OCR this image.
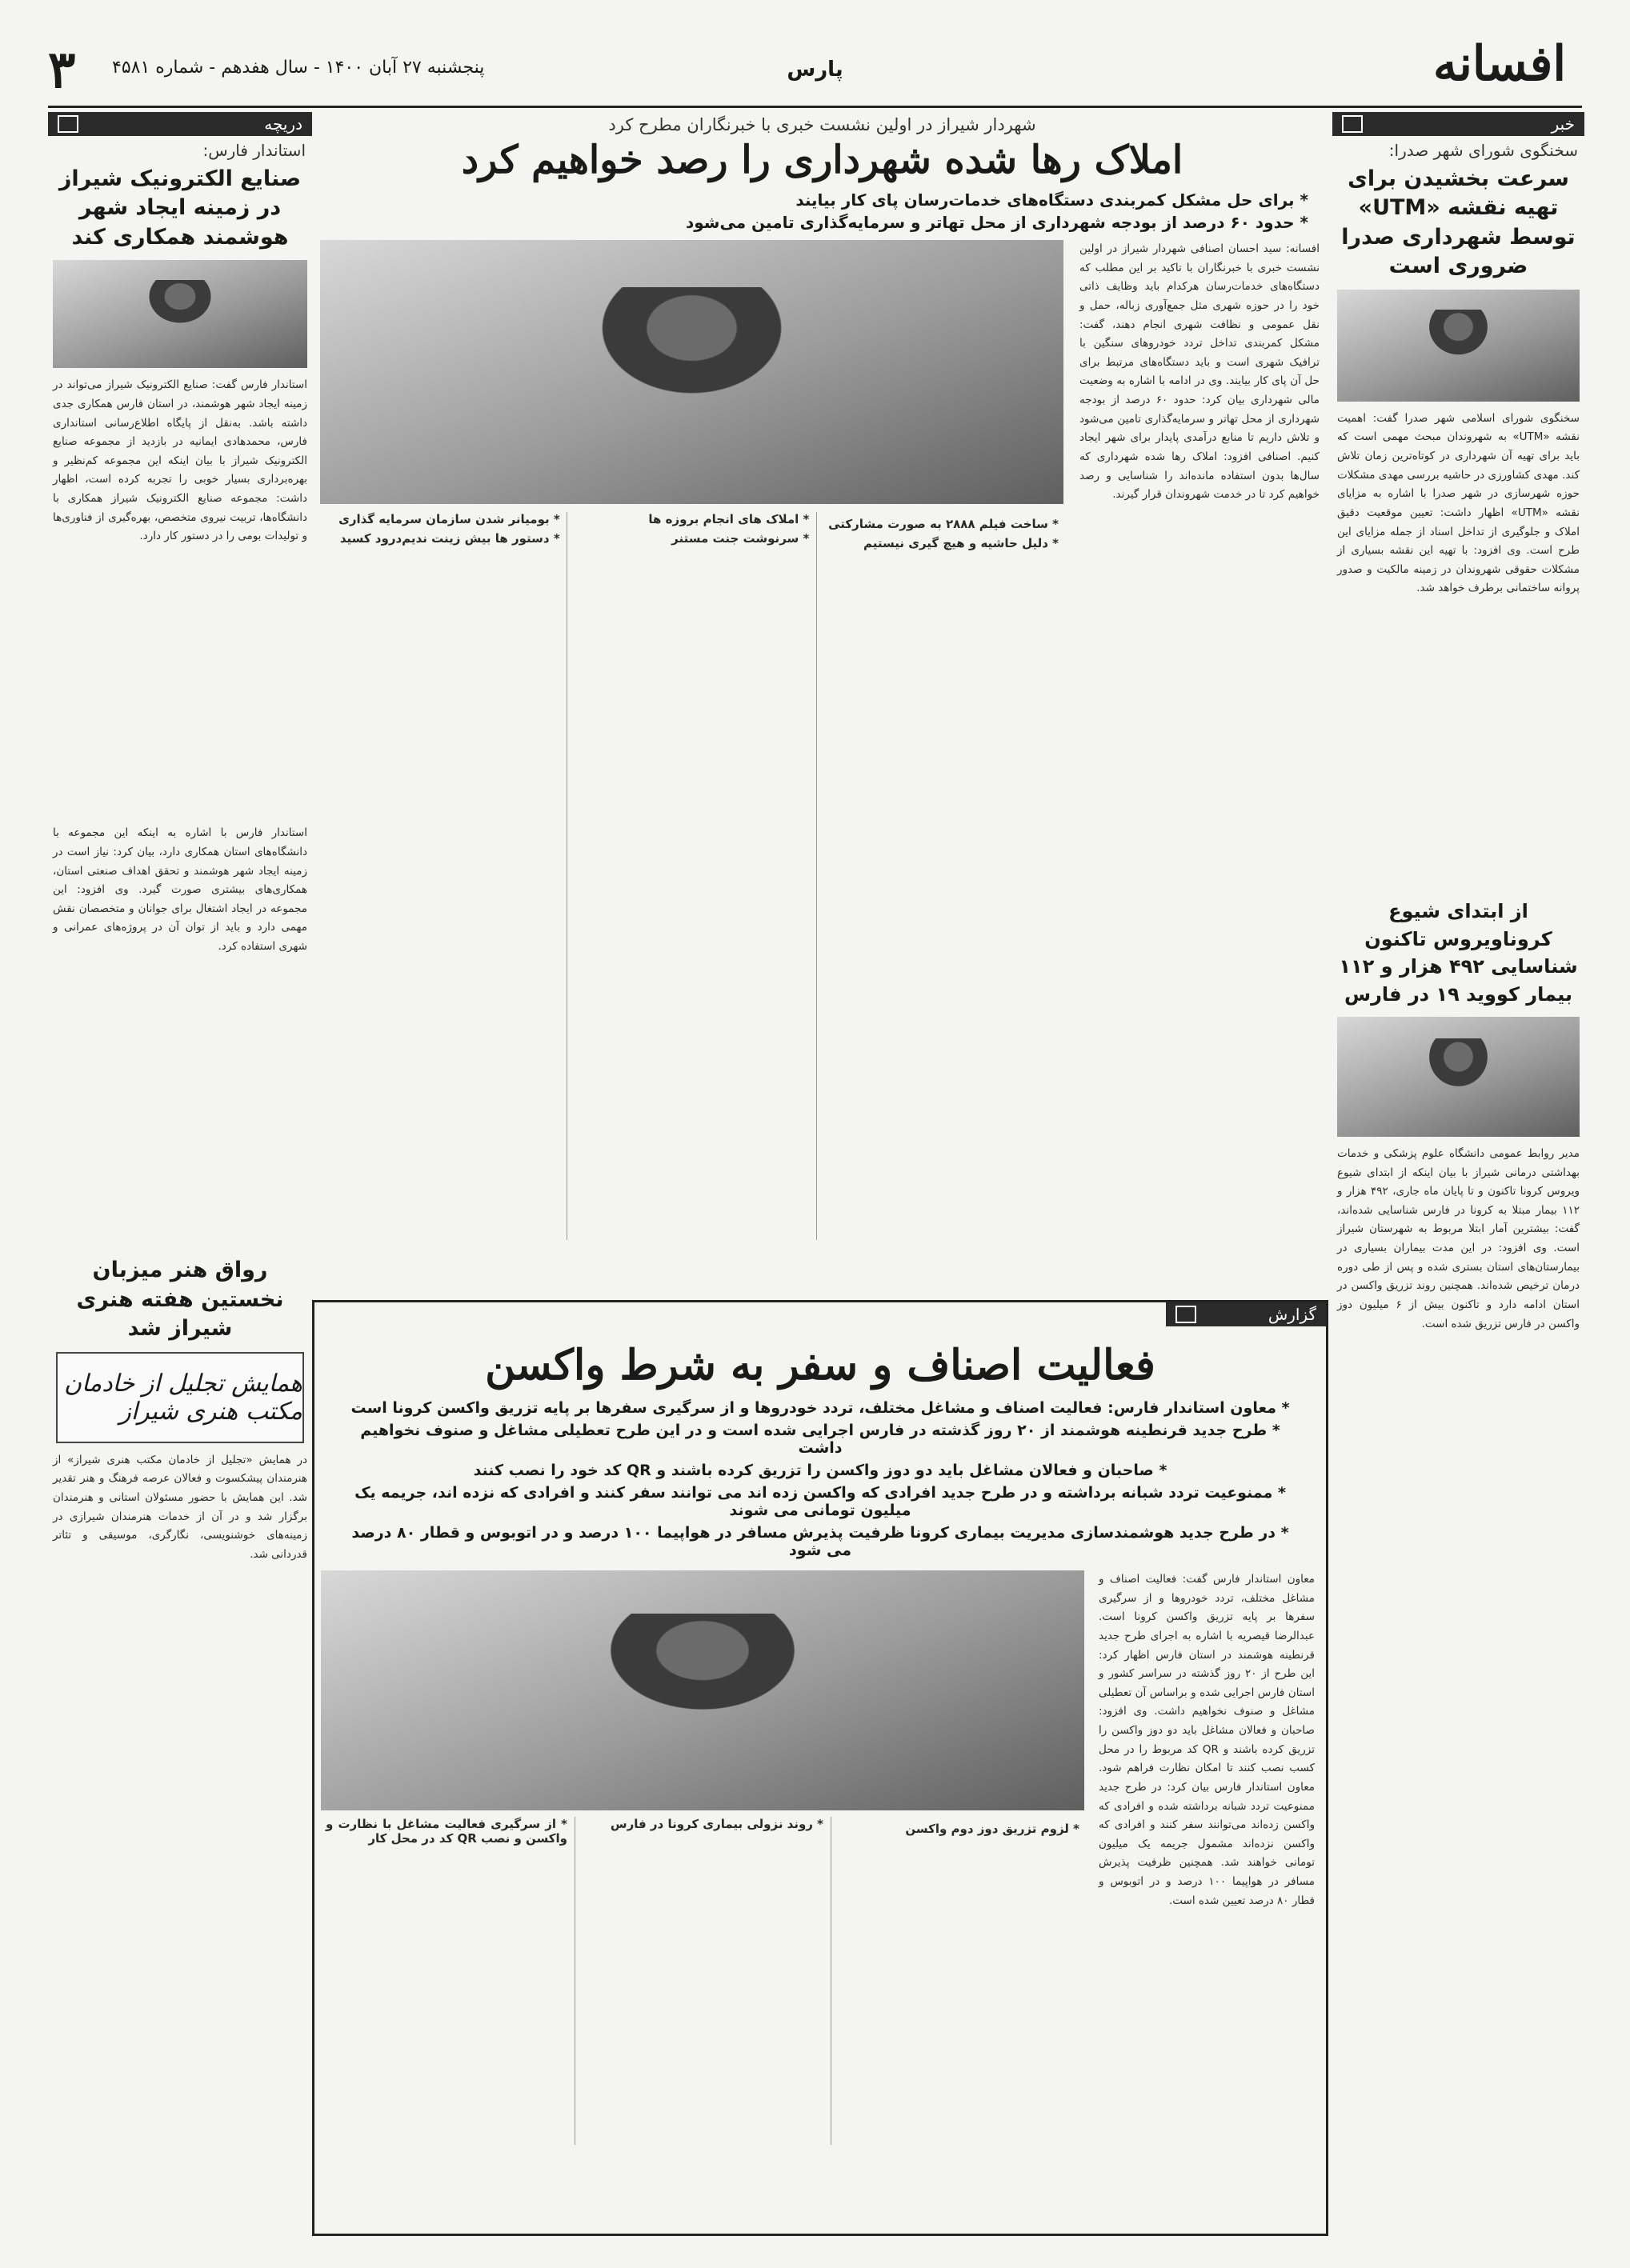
۳ پنجشنبه ۲۷ آبان ۱۴۰۰ - سال هفدهم - شماره ۴۵۸۱	پارس	افسانه
خبر
سخنگوی شورای شهر صدرا:
سرعت بخشیدن برای تهیه نقشه «UTM» توسط شهرداری صدرا ضروری است
سخنگوی شورای اسلامی شهر صدرا گفت: اهمیت نقشه «UTM» به شهروندان مبحث مهمی است که باید برای تهیه آن شهرداری در کوتاه‌ترین زمان تلاش کند. مهدی کشاورزی در حاشیه بررسی مهدی مشکلات حوزه شهرسازی در شهر صدرا با اشاره به مزایای نقشه «UTM» اظهار داشت: تعیین موقعیت دقیق املاک و جلوگیری از تداخل اسناد از جمله مزایای این طرح است. وی افزود: با تهیه این نقشه بسیاری از مشکلات حقوقی شهروندان در زمینه مالکیت و صدور پروانه ساختمانی برطرف خواهد شد.
از ابتدای شیوع کروناویروس تاکنون شناسایی ۴۹۲ هزار و ۱۱۲ بیمار کووید ۱۹ در فارس
مدیر روابط عمومی دانشگاه علوم پزشکی و خدمات بهداشتی درمانی شیراز با بیان اینکه از ابتدای شیوع ویروس کرونا تاکنون و تا پایان ماه جاری، ۴۹۲ هزار و ۱۱۲ بیمار مبتلا به کرونا در فارس شناسایی شده‌اند، گفت: بیشترین آمار ابتلا مربوط به شهرستان شیراز است. وی افزود: در این مدت بیماران بسیاری در بیمارستان‌های استان بستری شده و پس از طی دوره درمان ترخیص شده‌اند. همچنین روند تزریق واکسن در استان ادامه دارد و تاکنون بیش از ۶ میلیون دوز واکسن در فارس تزریق شده است.
شهردار شیراز در اولین نشست خبری با خبرنگاران مطرح کرد
املاک رها شده شهرداری را رصد خواهیم کرد
* برای حل مشکل کمربندی دستگاه‌های خدمات‌رسان پای کار بیایند
* حدود ۶۰ درصد از بودجه شهرداری از محل تهاتر و سرمایه‌گذاری تامین می‌شود
افسانه: سید احسان اصنافی شهردار شیراز در اولین نشست خبری با خبرنگاران با تاکید بر این مطلب که دستگاه‌های خدمات‌رسان هرکدام باید وظایف ذاتی خود را در حوزه شهری مثل جمع‌آوری زباله، حمل و نقل عمومی و نظافت شهری انجام دهند، گفت: مشکل کمربندی تداخل تردد خودروهای سنگین با ترافیک شهری است و باید دستگاه‌های مرتبط برای حل آن پای کار بیایند. وی در ادامه با اشاره به وضعیت مالی شهرداری بیان کرد: حدود ۶۰ درصد از بودجه شهرداری از محل تهاتر و سرمایه‌گذاری تامین می‌شود و تلاش داریم تا منابع درآمدی پایدار برای شهر ایجاد کنیم. اصنافی افزود: املاک رها شده شهرداری که سال‌ها بدون استفاده مانده‌اند را شناسایی و رصد خواهیم کرد تا در خدمت شهروندان قرار گیرند.
* ساخت فیلم ۲۸۸۸ به صورت مشارکتی
* دلیل حاشیه و هیچ گیری نیستیم
* املاک های انجام بروزه ها
* سرنوشت جنت مستنر
* بومیانر شدن سازمان سرمایه گذاری
* دستور ها بیش زینت ندیم‌درود کسید
گزارش
فعالیت اصناف و سفر به شرط واکسن
* معاون استاندار فارس: فعالیت اصناف و مشاغل مختلف، تردد خودروها و از سرگیری سفرها بر پایه تزریق واکسن کرونا است
* طرح جدید قرنطینه هوشمند از ۲۰ روز گذشته در فارس اجرایی شده است و در این طرح تعطیلی مشاغل و صنوف نخواهیم داشت
* صاحبان و فعالان مشاغل باید دو دوز واکسن را تزریق کرده باشند و QR کد خود را نصب کنند
* ممنوعیت تردد شبانه برداشته و در طرح جدید افرادی که واکسن زده اند می توانند سفر کنند و افرادی که نزده اند، جریمه یک میلیون تومانی می شوند
* در طرح جدید هوشمندسازی مدیریت بیماری کرونا ظرفیت پذیرش مسافر در هواپیما ۱۰۰ درصد و در اتوبوس و قطار ۸۰ درصد می شود
معاون استاندار فارس گفت: فعالیت اصناف و مشاغل مختلف، تردد خودروها و از سرگیری سفرها بر پایه تزریق واکسن کرونا است. عبدالرضا قیصریه با اشاره به اجرای طرح جدید قرنطینه هوشمند در استان فارس اظهار کرد: این طرح از ۲۰ روز گذشته در سراسر کشور و استان فارس اجرایی شده و براساس آن تعطیلی مشاغل و صنوف نخواهیم داشت. وی افزود: صاحبان و فعالان مشاغل باید دو دوز واکسن را تزریق کرده باشند و QR کد مربوط را در محل کسب نصب کنند تا امکان نظارت فراهم شود. معاون استاندار فارس بیان کرد: در طرح جدید ممنوعیت تردد شبانه برداشته شده و افرادی که واکسن زده‌اند می‌توانند سفر کنند و افرادی که واکسن نزده‌اند مشمول جریمه یک میلیون تومانی خواهند شد. همچنین ظرفیت پذیرش مسافر در هواپیما ۱۰۰ درصد و در اتوبوس و قطار ۸۰ درصد تعیین شده است.
* لزوم تزریق دوز دوم واکسن
* روند نزولی بیماری کرونا در فارس
* از سرگیری فعالیت مشاغل با نظارت و واکسن و نصب QR کد در محل کار
دریچه
استاندار فارس:
صنایع الکترونیک شیراز در زمینه ایجاد شهر هوشمند همکاری کند
استاندار فارس گفت: صنایع الکترونیک شیراز می‌تواند در زمینه ایجاد شهر هوشمند، در استان فارس همکاری جدی داشته باشد. به‌نقل از پایگاه اطلاع‌رسانی استانداری فارس، محمدهادی ایمانیه در بازدید از مجموعه صنایع الکترونیک شیراز با بیان اینکه این مجموعه کم‌نظیر و بهره‌برداری بسیار خوبی را تجربه کرده است، اظهار داشت: مجموعه صنایع الکترونیک شیراز همکاری با دانشگاه‌ها، تربیت نیروی متخصص، بهره‌گیری از فناوری‌ها و تولیدات بومی را در دستور کار دارد.
استاندار فارس با اشاره به اینکه این مجموعه با دانشگاه‌های استان همکاری دارد، بیان کرد: نیاز است در زمینه ایجاد شهر هوشمند و تحقق اهداف صنعتی استان، همکاری‌های بیشتری صورت گیرد. وی افزود: این مجموعه در ایجاد اشتغال برای جوانان و متخصصان نقش مهمی دارد و باید از توان آن در پروژه‌های عمرانی و شهری استفاده کرد.
رواق هنر میزبان نخستین هفته هنری شیراز شد
همایش تجلیل از خادمان مکتب هنری شیراز
در همایش «تجلیل از خادمان مکتب هنری شیراز» از هنرمندان پیشکسوت و فعالان عرصه فرهنگ و هنر تقدیر شد. این همایش با حضور مسئولان استانی و هنرمندان برگزار شد و در آن از خدمات هنرمندان شیرازی در زمینه‌های خوشنویسی، نگارگری، موسیقی و تئاتر قدردانی شد.
